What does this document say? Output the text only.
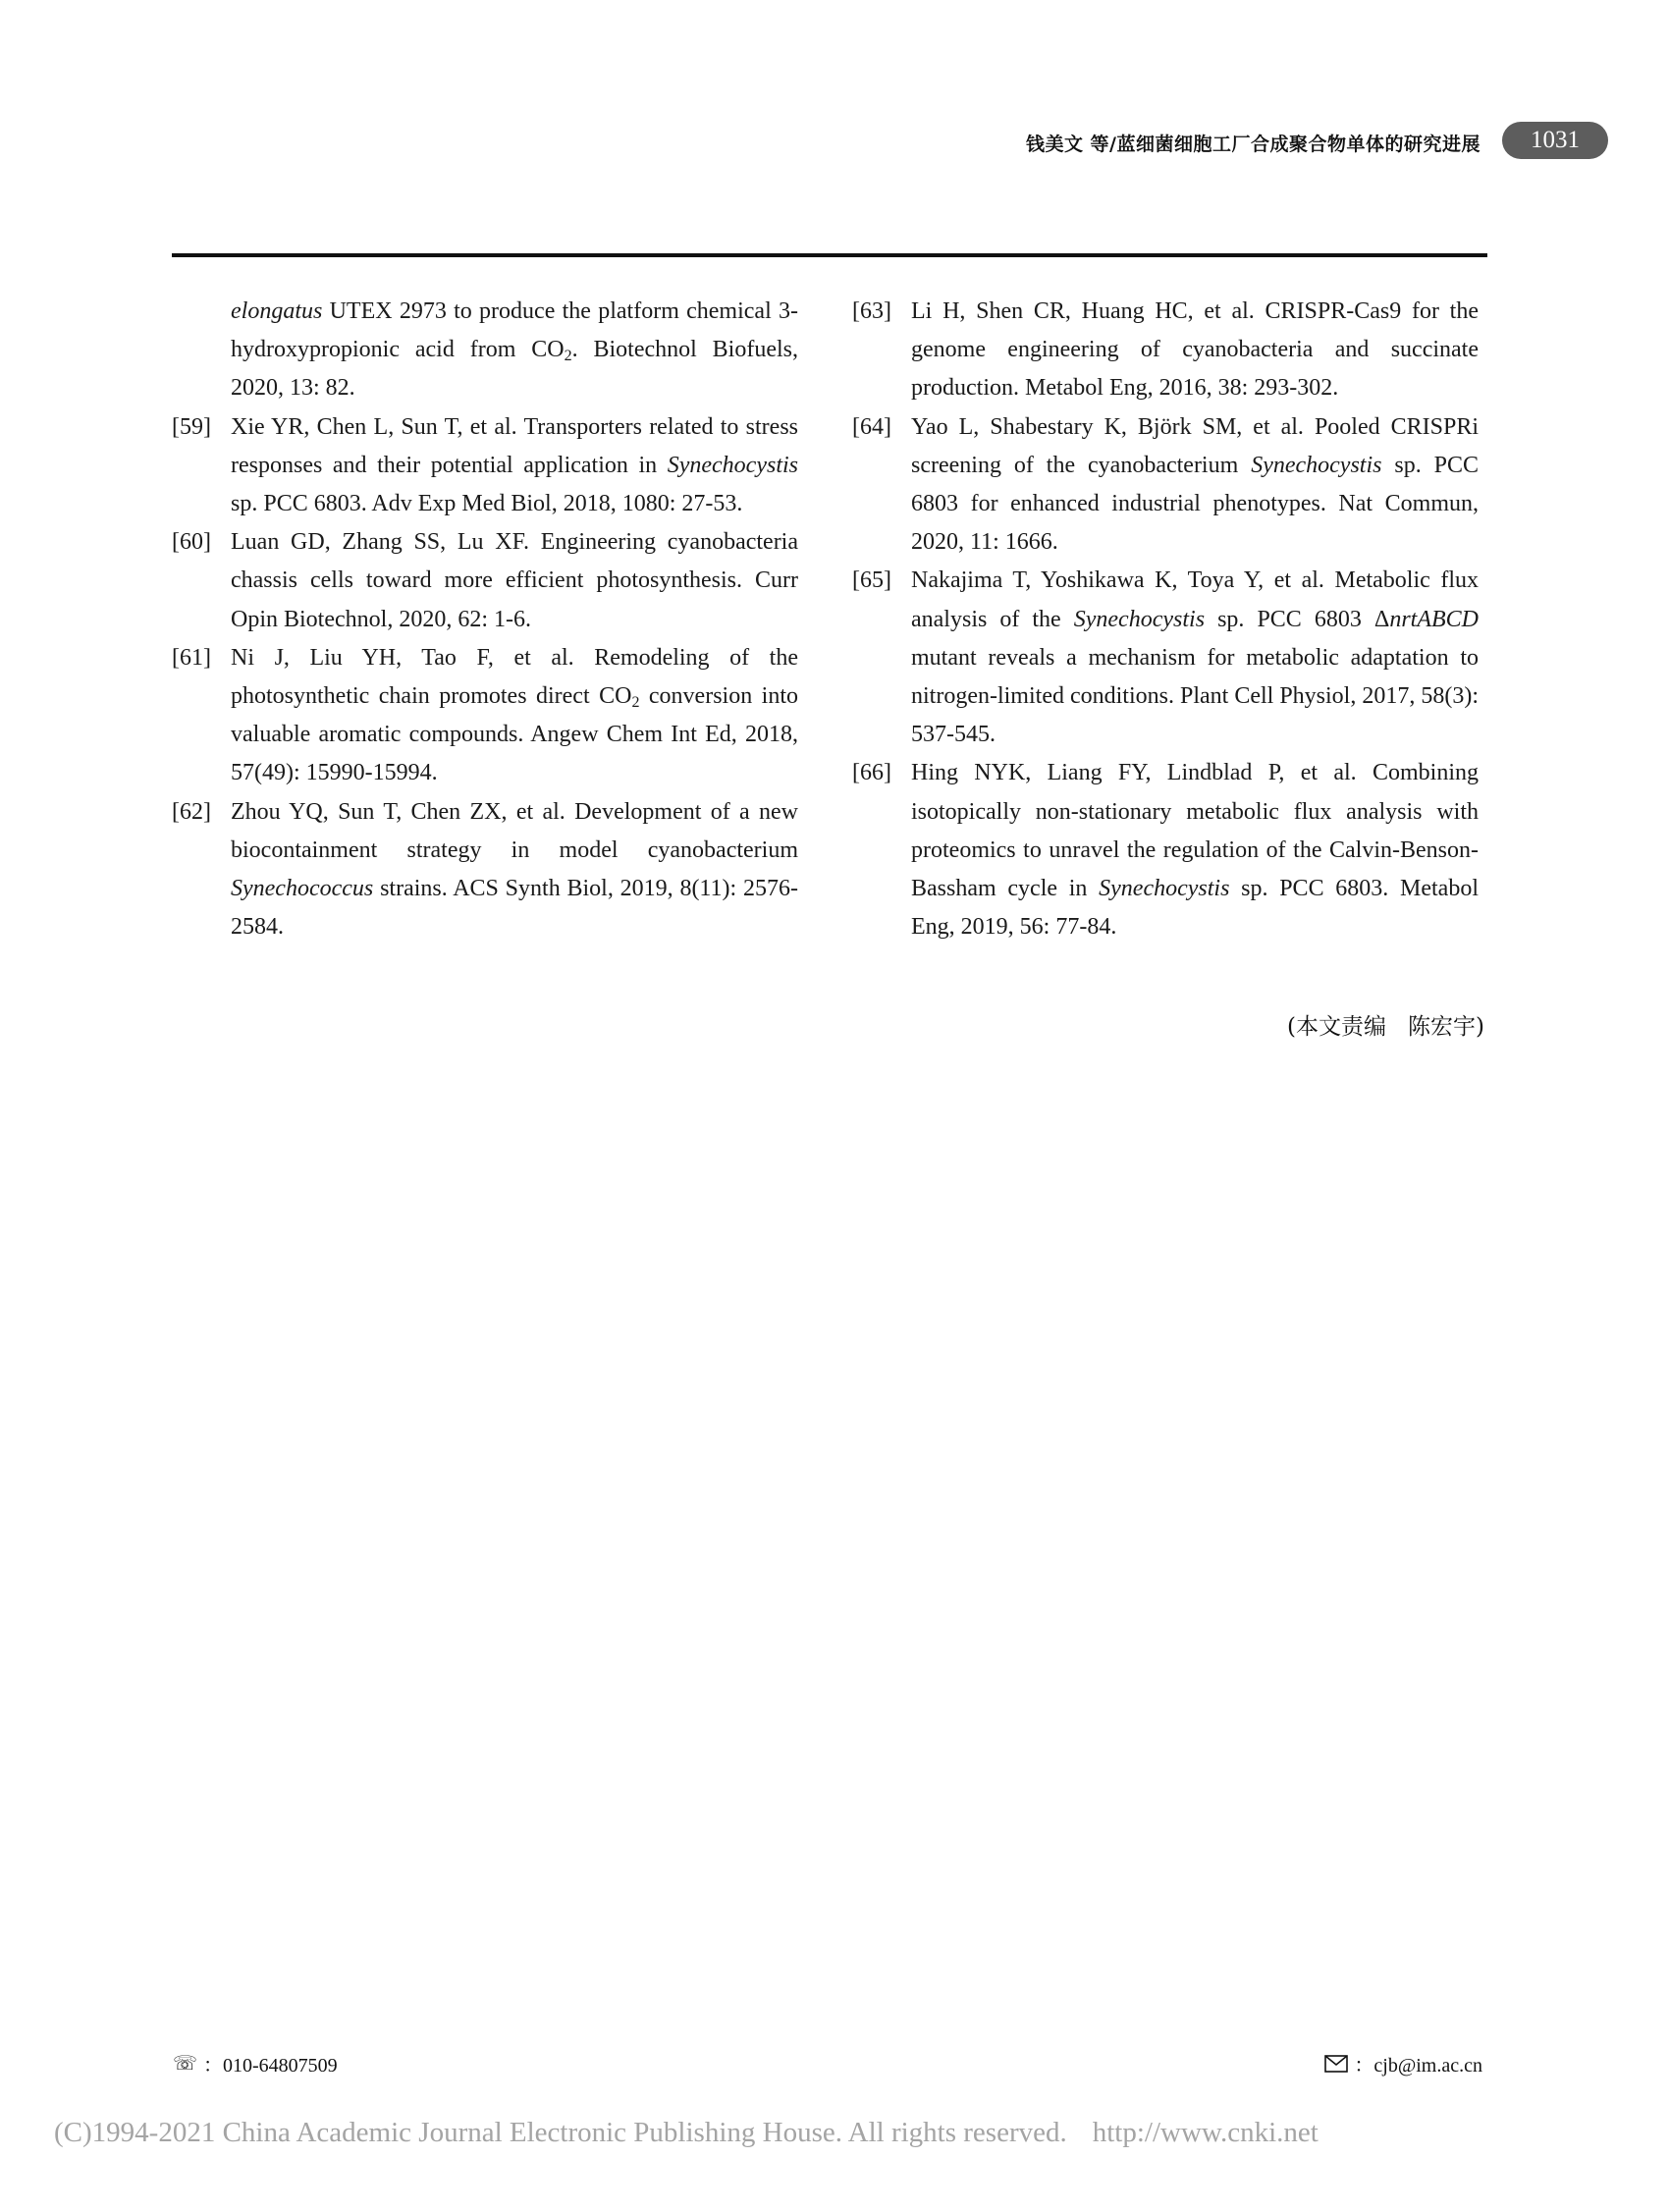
钱美文 等/蓝细菌细胞工厂合成聚合物单体的研究进展	1031
elongatus UTEX 2973 to produce the platform chemical 3-hydroxypropionic acid from $CO_2$. Biotechnol Biofuels, 2020, 13: 82.
[59] Xie YR, Chen L, Sun T, et al. Transporters related to stress responses and their potential application in Synechocystis sp. PCC 6803. Adv Exp Med Biol, 2018, 1080: 27-53.
[60] Luan GD, Zhang SS, Lu XF. Engineering cyanobacteria chassis cells toward more efficient photosynthesis. Curr Opin Biotechnol, 2020, 62: 1-6.
[61] Ni J, Liu YH, Tao F, et al. Remodeling of the photosynthetic chain promotes direct $CO_2$ conversion into valuable aromatic compounds. Angew Chem Int Ed, 2018, 57(49): 15990-15994.
[62] Zhou YQ, Sun T, Chen ZX, et al. Development of a new biocontainment strategy in model cyanobacterium Synechococcus strains. ACS Synth Biol, 2019, 8(11): 2576-2584.
[63] Li H, Shen CR, Huang HC, et al. CRISPR-Cas9 for the genome engineering of cyanobacteria and succinate production. Metabol Eng, 2016, 38: 293-302.
[64] Yao L, Shabestary K, Björk SM, et al. Pooled CRISPRi screening of the cyanobacterium Synechocystis sp. PCC 6803 for enhanced industrial phenotypes. Nat Commun, 2020, 11: 1666.
[65] Nakajima T, Yoshikawa K, Toya Y, et al. Metabolic flux analysis of the Synechocystis sp. PCC 6803 ΔnrtABCD mutant reveals a mechanism for metabolic adaptation to nitrogen-limited conditions. Plant Cell Physiol, 2017, 58(3): 537-545.
[66] Hing NYK, Liang FY, Lindblad P, et al. Combining isotopically non-stationary metabolic flux analysis with proteomics to unravel the regulation of the Calvin-Benson-Bassham cycle in Synechocystis sp. PCC 6803. Metabol Eng, 2019, 56: 77-84.
(本文责编 陈宏宇)
☏ ：010-64807509	：cjb@im.ac.cn
(C)1994-2021 China Academic Journal Electronic Publishing House. All rights reserved. http://www.cnki.net
